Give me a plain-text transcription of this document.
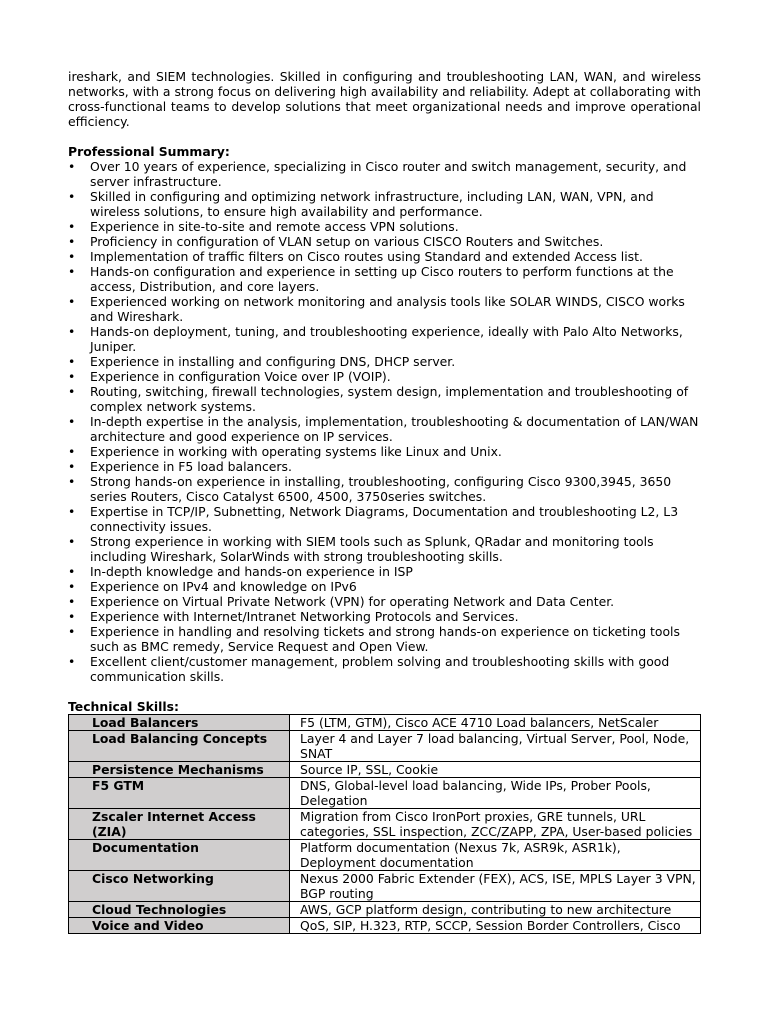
ireshark, and SIEM technologies. Skilled in configuring and troubleshooting LAN, WAN, and wireless networks, with a strong focus on delivering high availability and reliability. Adept at collaborating with cross-functional teams to develop solutions that meet organizational needs and improve operational efficiency.

Professional Summary:

• Over 10 years of experience, specializing in Cisco router and switch management, security, and server infrastructure.
• Skilled in configuring and optimizing network infrastructure, including LAN, WAN, VPN, and wireless solutions, to ensure high availability and performance.
• Experience in site-to-site and remote access VPN solutions.
• Proficiency in configuration of VLAN setup on various CISCO Routers and Switches.
• Implementation of traffic filters on Cisco routes using Standard and extended Access list.
• Hands-on configuration and experience in setting up Cisco routers to perform functions at the access, Distribution, and core layers.
• Experienced working on network monitoring and analysis tools like SOLAR WINDS, CISCO works and Wireshark.
• Hands-on deployment, tuning, and troubleshooting experience, ideally with Palo Alto Networks, Juniper.
• Experience in installing and configuring DNS, DHCP server.
• Experience in configuration Voice over IP (VOIP).
• Routing, switching, firewall technologies, system design, implementation and troubleshooting of complex network systems.
• In-depth expertise in the analysis, implementation, troubleshooting & documentation of LAN/WAN architecture and good experience on IP services.
• Experience in working with operating systems like Linux and Unix.
• Experience in F5 load balancers.
• Strong hands-on experience in installing, troubleshooting, configuring Cisco 9300,3945, 3650 series Routers, Cisco Catalyst 6500, 4500, 3750series switches.
• Expertise in TCP/IP, Subnetting, Network Diagrams, Documentation and troubleshooting L2, L3 connectivity issues.
• Strong experience in working with SIEM tools such as Splunk, QRadar and monitoring tools including Wireshark, SolarWinds with strong troubleshooting skills.
• In-depth knowledge and hands-on experience in ISP
• Experience on IPv4 and knowledge on IPv6
• Experience on Virtual Private Network (VPN) for operating Network and Data Center.
• Experience with Internet/Intranet Networking Protocols and Services.
• Experience in handling and resolving tickets and strong hands-on experience on ticketing tools such as BMC remedy, Service Request and Open View.
• Excellent client/customer management, problem solving and troubleshooting skills with good communication skills.

Technical Skills:

Load Balancers	F5 (LTM, GTM), Cisco ACE 4710 Load balancers, NetScaler
Load Balancing Concepts	Layer 4 and Layer 7 load balancing, Virtual Server, Pool, Node, SNAT
Persistence Mechanisms	Source IP, SSL, Cookie
F5 GTM	DNS, Global-level load balancing, Wide IPs, Prober Pools, Delegation
Zscaler Internet Access (ZIA)	Migration from Cisco IronPort proxies, GRE tunnels, URL categories, SSL inspection, ZCC/ZAPP, ZPA, User-based policies
Documentation	Platform documentation (Nexus 7k, ASR9k, ASR1k), Deployment documentation
Cisco Networking	Nexus 2000 Fabric Extender (FEX), ACS, ISE, MPLS Layer 3 VPN, BGP routing
Cloud Technologies	AWS, GCP platform design, contributing to new architecture
Voice and Video	QoS, SIP, H.323, RTP, SCCP, Session Border Controllers, Cisco
